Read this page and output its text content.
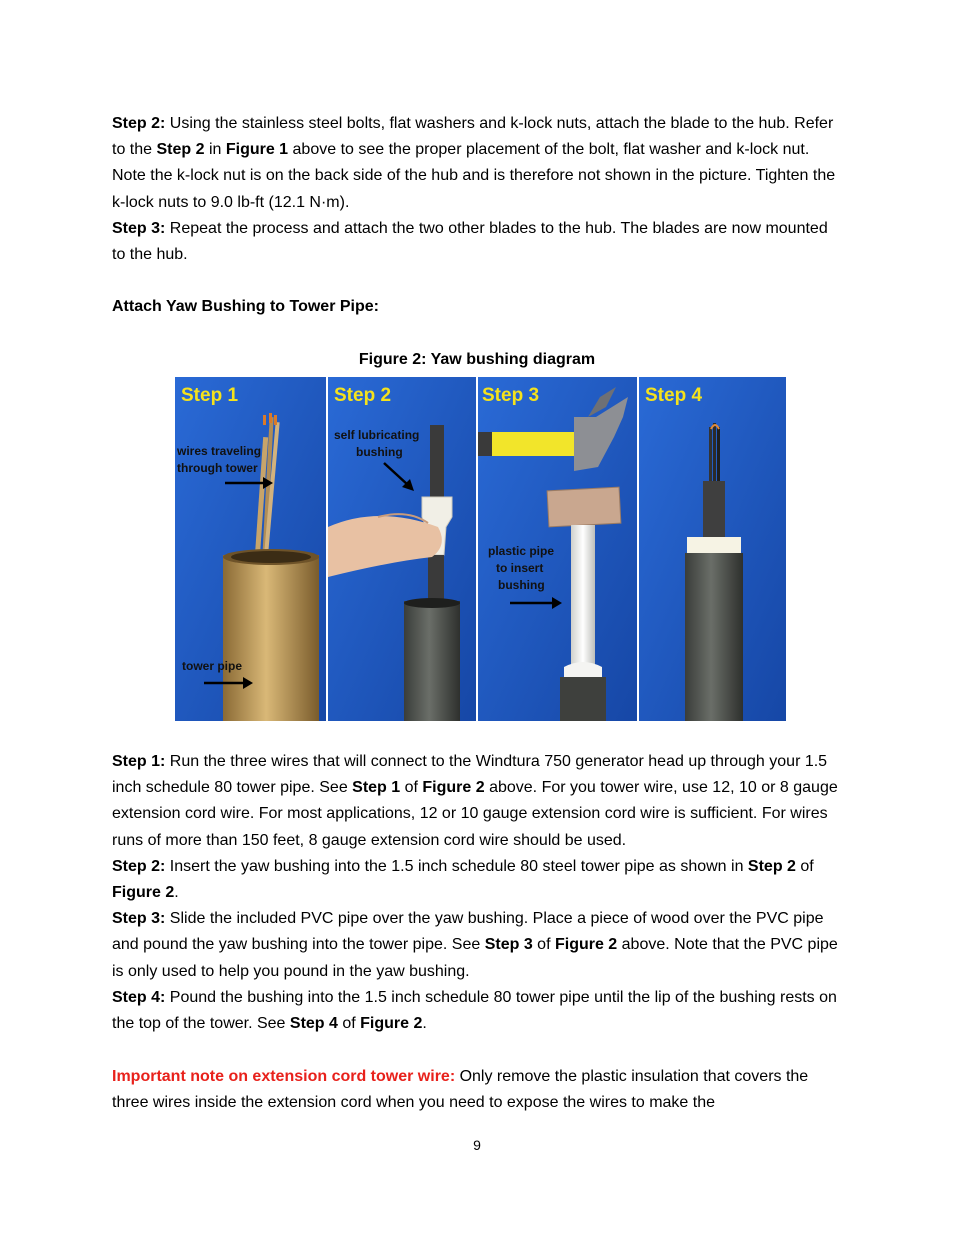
Step 2: Using the stainless steel bolts, flat washers and k-lock nuts, attach the blade to the hub. Refer to the Step 2 in Figure 1 above to see the proper placement of the bolt, flat washer and k-lock nut. Note the k-lock nut is on the back side of the hub and is therefore not shown in the picture. Tighten the k-lock nuts to 9.0 lb-ft (12.1 N·m).

Step 3: Repeat the process and attach the two other blades to the hub. The blades are now mounted to the hub.

Attach Yaw Bushing to Tower Pipe:
Figure 2: Yaw bushing diagram
Step 1
wires traveling
through tower
tower pipe
Step 2
self lubricating
bushing
Step 3
plastic pipe
to insert
bushing
Step 4

Step 1: Run the three wires that will connect to the Windtura 750 generator head up through your 1.5 inch schedule 80 tower pipe. See Step 1 of Figure 2 above. For you tower wire, use 12, 10 or 8 gauge extension cord wire. For most applications, 12 or 10 gauge extension cord wire is sufficient. For wires runs of more than 150 feet, 8 gauge extension cord wire should be used.

Step 2: Insert the yaw bushing into the 1.5 inch schedule 80 steel tower pipe as shown in Step 2 of Figure 2.

Step 3: Slide the included PVC pipe over the yaw bushing. Place a piece of wood over the PVC pipe and pound the yaw bushing into the tower pipe. See Step 3 of Figure 2 above. Note that the PVC pipe is only used to help you pound in the yaw bushing.

Step 4: Pound the bushing into the 1.5 inch schedule 80 tower pipe until the lip of the bushing rests on the top of the tower. See Step 4 of Figure 2.

Important note on extension cord tower wire: Only remove the plastic insulation that covers the three wires inside the extension cord when you need to expose the wires to make the

9
